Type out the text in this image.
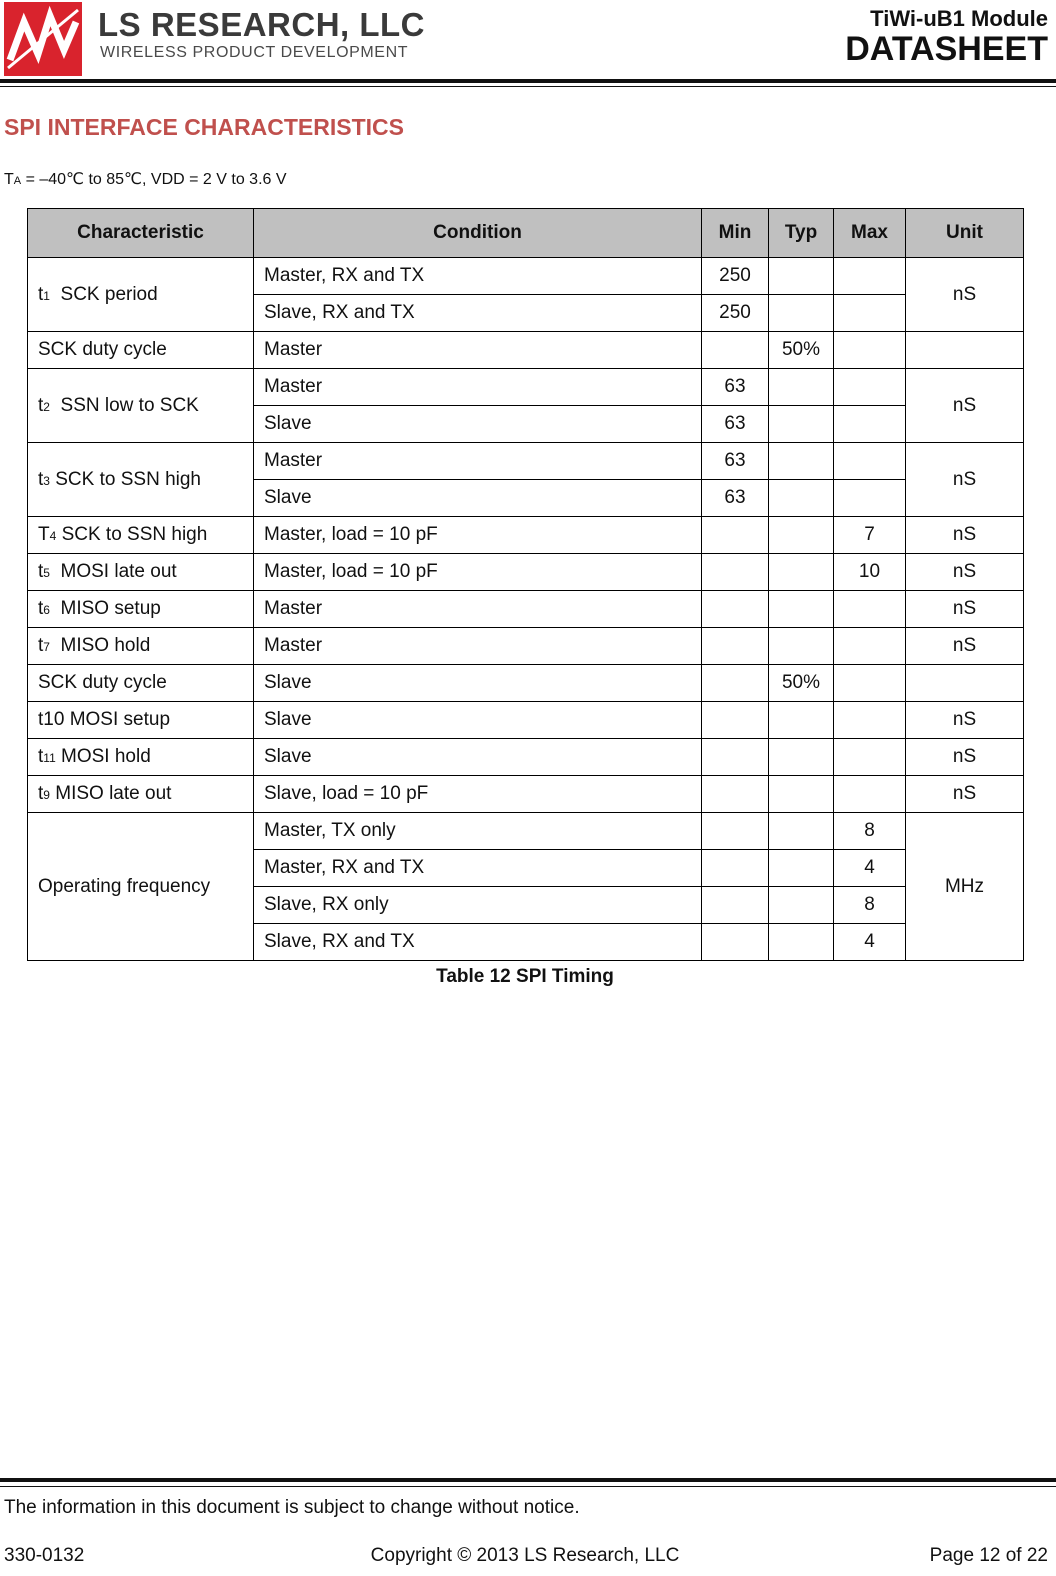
LS RESEARCH, LLC
WIRELESS PRODUCT DEVELOPMENT
TiWi-uB1 Module
DATASHEET
SPI INTERFACE CHARACTERISTICS
TA = –40℃ to 85℃, VDD = 2 V to 3.6 V
Characteristic	Condition	Min	Typ	Max	Unit
t1  SCK period	Master, RX and TX	250			nS
	Slave, RX and TX	250			
SCK duty cycle	Master		50%		
t2  SSN low to SCK	Master	63			nS
	Slave	63			
t3 SCK to SSN high	Master	63			nS
	Slave	63			
T4 SCK to SSN high	Master, load = 10 pF			7	nS
t5  MOSI late out	Master, load = 10 pF			10	nS
t6  MISO setup	Master				nS
t7  MISO hold	Master				nS
SCK duty cycle	Slave		50%		
t10 MOSI setup	Slave				nS
t11 MOSI hold	Slave				nS
t9 MISO late out	Slave, load = 10 pF				nS
Operating frequency	Master, TX only			8	MHz
	Master, RX and TX			4	
	Slave, RX only			8	
	Slave, RX and TX			4	
Table 12 SPI Timing
The information in this document is subject to change without notice.
330-0132	Copyright © 2013 LS Research, LLC	Page 12 of 22
